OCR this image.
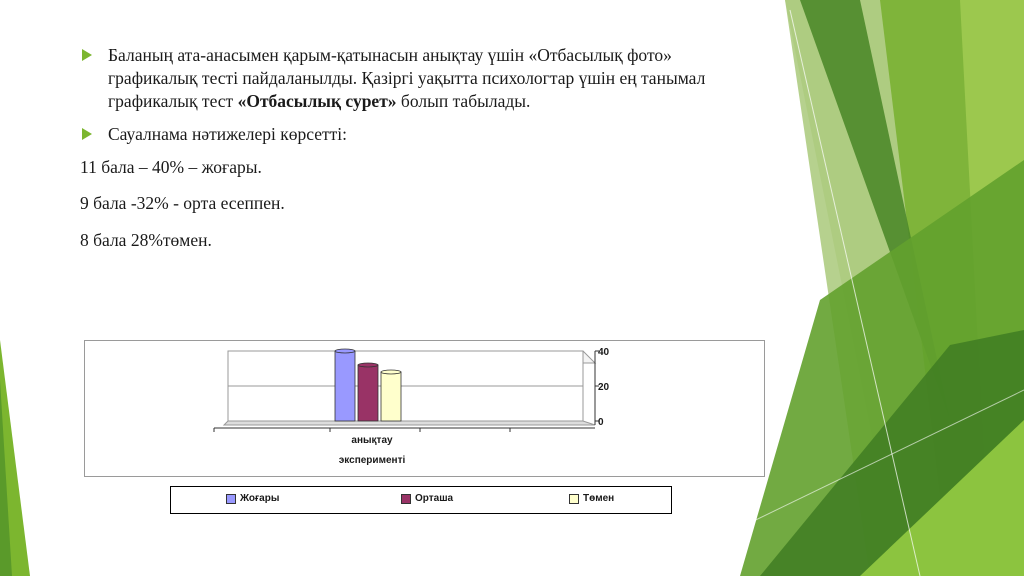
Баланың ата-анасымен қарым-қатынасын анықтау үшін «Отбасылық фото» графикалық тесті пайдаланылды. Қазіргі уақытта психологтар үшін ең танымал графикалық тест «Отбасылық сурет» болып табылады.
Сауалнама нәтижелері көрсетті:
11 бала – 40% – жоғары.
9 бала -32% - орта есеппен.
8 бала 28%төмен.
40
20
0
анықтау
эксперименті
Жоғары	Орташа	Төмен
